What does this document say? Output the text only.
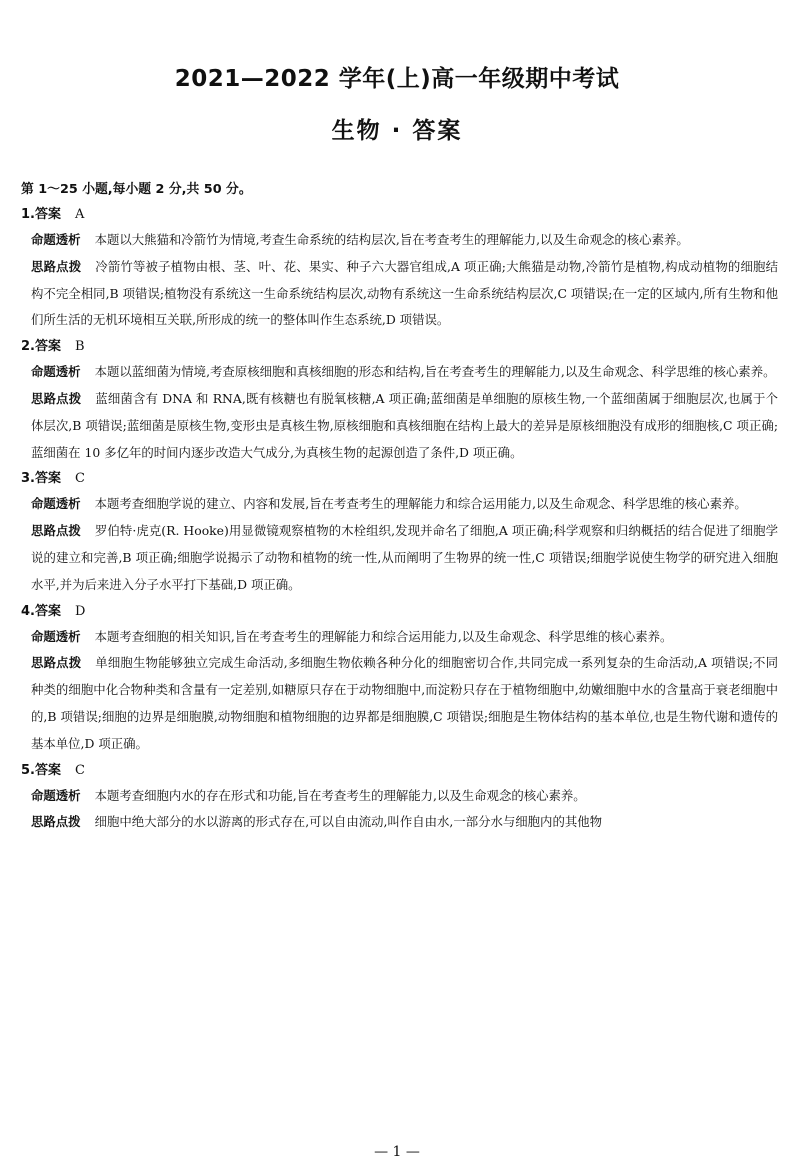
2021—2022 学年(上)高一年级期中考试
生物 · 答案
第 1～25 小题,每小题 2 分,共 50 分。
1.答案 A
命题透析 本题以大熊猫和冷箭竹为情境,考查生命系统的结构层次,旨在考查考生的理解能力,以及生命观念的核心素养。
思路点拨 冷箭竹等被子植物由根、茎、叶、花、果实、种子六大器官组成,A 项正确;大熊猫是动物,冷箭竹是植物,构成动植物的细胞结构不完全相同,B 项错误;植物没有系统这一生命系统结构层次,动物有系统这一生命系统结构层次,C 项错误;在一定的区域内,所有生物和他们所生活的无机环境相互关联,所形成的统一的整体叫作生态系统,D 项错误。
2.答案 B
命题透析 本题以蓝细菌为情境,考查原核细胞和真核细胞的形态和结构,旨在考查考生的理解能力,以及生命观念、科学思维的核心素养。
思路点拨 蓝细菌含有 DNA 和 RNA,既有核糖也有脱氧核糖,A 项正确;蓝细菌是单细胞的原核生物,一个蓝细菌属于细胞层次,也属于个体层次,B 项错误;蓝细菌是原核生物,变形虫是真核生物,原核细胞和真核细胞在结构上最大的差异是原核细胞没有成形的细胞核,C 项正确;蓝细菌在 10 多亿年的时间内逐步改造大气成分,为真核生物的起源创造了条件,D 项正确。
3.答案 C
命题透析 本题考查细胞学说的建立、内容和发展,旨在考查考生的理解能力和综合运用能力,以及生命观念、科学思维的核心素养。
思路点拨 罗伯特·虎克(R. Hooke)用显微镜观察植物的木栓组织,发现并命名了细胞,A 项正确;科学观察和归纳概括的结合促进了细胞学说的建立和完善,B 项正确;细胞学说揭示了动物和植物的统一性,从而阐明了生物界的统一性,C 项错误;细胞学说使生物学的研究进入细胞水平,并为后来进入分子水平打下基础,D 项正确。
4.答案 D
命题透析 本题考查细胞的相关知识,旨在考查考生的理解能力和综合运用能力,以及生命观念、科学思维的核心素养。
思路点拨 单细胞生物能够独立完成生命活动,多细胞生物依赖各种分化的细胞密切合作,共同完成一系列复杂的生命活动,A 项错误;不同种类的细胞中化合物种类和含量有一定差别,如糖原只存在于动物细胞中,而淀粉只存在于植物细胞中,幼嫩细胞中水的含量高于衰老细胞中的,B 项错误;细胞的边界是细胞膜,动物细胞和植物细胞的边界都是细胞膜,C 项错误;细胞是生物体结构的基本单位,也是生物代谢和遗传的基本单位,D 项正确。
5.答案 C
命题透析 本题考查细胞内水的存在形式和功能,旨在考查考生的理解能力,以及生命观念的核心素养。
思路点拨 细胞中绝大部分的水以游离的形式存在,可以自由流动,叫作自由水,一部分水与细胞内的其他物
— 1 —
